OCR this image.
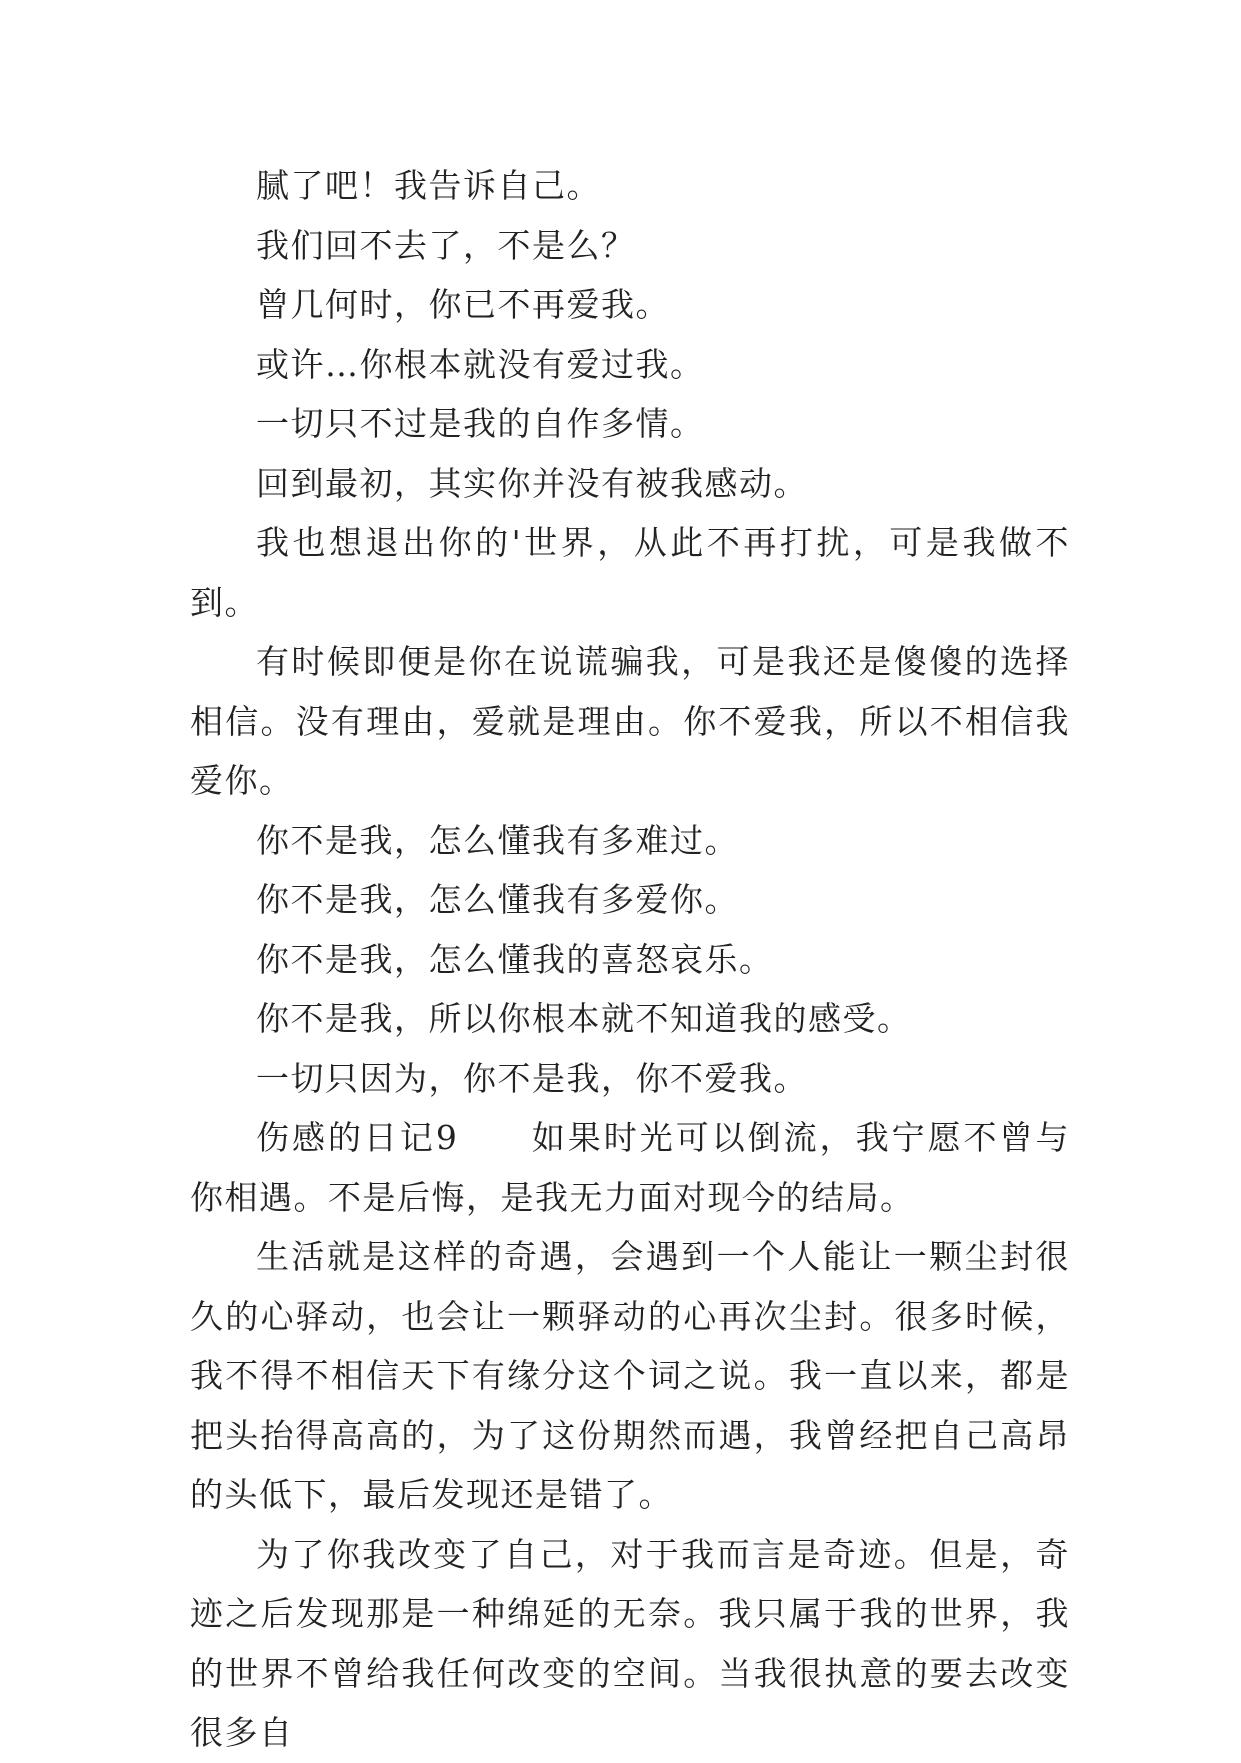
腻了吧！我告诉自己。

我们回不去了，不是么？

曾几何时，你已不再爱我。

或许…你根本就没有爱过我。

一切只不过是我的自作多情。

回到最初，其实你并没有被我感动。

我也想退出你的'世界，从此不再打扰，可是我做不到。

有时候即便是你在说谎骗我，可是我还是傻傻的选择相信。没有理由，爱就是理由。你不爱我，所以不相信我爱你。

你不是我，怎么懂我有多难过。

你不是我，怎么懂我有多爱你。

你不是我，怎么懂我的喜怒哀乐。

你不是我，所以你根本就不知道我的感受。

一切只因为，你不是我，你不爱我。

伤感的日记9　　如果时光可以倒流，我宁愿不曾与你相遇。不是后悔，是我无力面对现今的结局。

生活就是这样的奇遇，会遇到一个人能让一颗尘封很久的心驿动，也会让一颗驿动的心再次尘封。很多时候，我不得不相信天下有缘分这个词之说。我一直以来，都是把头抬得高高的，为了这份期然而遇，我曾经把自己高昂的头低下，最后发现还是错了。

为了你我改变了自己，对于我而言是奇迹。但是，奇迹之后发现那是一种绵延的无奈。我只属于我的世界，我的世界不曾给我任何改变的空间。当我很执意的要去改变很多自
